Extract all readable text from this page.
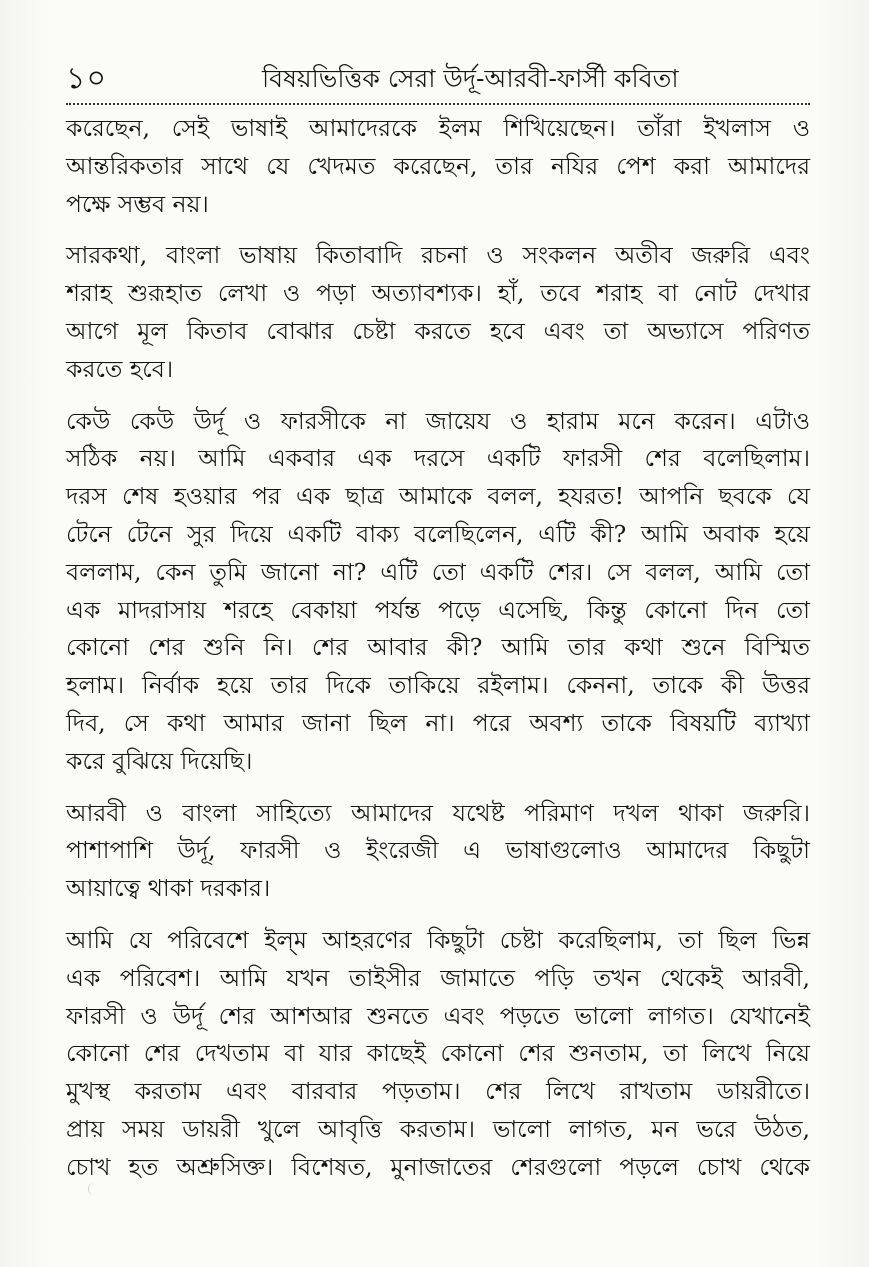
১০	বিষয়ভিত্তিক সেরা উর্দূ-আরবী-ফার্সী কবিতা

করেছেন, সেই ভাষাই আমাদেরকে ইলম শিখিয়েছেন। তাঁরা ইখলাস ও
আন্তরিকতার সাথে যে খেদমত করেছেন, তার নযির পেশ করা আমাদের
পক্ষে সম্ভব নয়।

সারকথা, বাংলা ভাষায় কিতাবাদি রচনা ও সংকলন অতীব জরুরি এবং
শরাহ শুরূহাত লেখা ও পড়া অত্যাবশ্যক। হাঁ, তবে শরাহ বা নোট দেখার
আগে মূল কিতাব বোঝার চেষ্টা করতে হবে এবং তা অভ্যাসে পরিণত
করতে হবে।

কেউ কেউ উর্দূ ও ফারসীকে না জায়েয ও হারাম মনে করেন। এটাও
সঠিক নয়। আমি একবার এক দরসে একটি ফারসী শের বলেছিলাম।
দরস শেষ হওয়ার পর এক ছাত্র আমাকে বলল, হযরত! আপনি ছবকে যে
টেনে টেনে সুর দিয়ে একটি বাক্য বলেছিলেন, এটি কী? আমি অবাক হয়ে
বললাম, কেন তুমি জানো না? এটি তো একটি শের। সে বলল, আমি তো
এক মাদরাসায় শরহে বেকায়া পর্যন্ত পড়ে এসেছি, কিন্তু কোনো দিন তো
কোনো শের শুনি নি। শের আবার কী? আমি তার কথা শুনে বিস্মিত
হলাম। নির্বাক হয়ে তার দিকে তাকিয়ে রইলাম। কেননা, তাকে কী উত্তর
দিব, সে কথা আমার জানা ছিল না। পরে অবশ্য তাকে বিষয়টি ব্যাখ্যা
করে বুঝিয়ে দিয়েছি।

আরবী ও বাংলা সাহিত্যে আমাদের যথেষ্ট পরিমাণ দখল থাকা জরুরি।
পাশাপাশি উর্দূ, ফারসী ও ইংরেজী এ ভাষাগুলোও আমাদের কিছুটা
আয়াত্বে থাকা দরকার।

আমি যে পরিবেশে ইল্‌ম আহরণের কিছুটা চেষ্টা করেছিলাম, তা ছিল ভিন্ন
এক পরিবেশ। আমি যখন তাইসীর জামাতে পড়ি তখন থেকেই আরবী,
ফারসী ও উর্দূ শের আশআর শুনতে এবং পড়তে ভালো লাগত। যেখানেই
কোনো শের দেখতাম বা যার কাছেই কোনো শের শুনতাম, তা লিখে নিয়ে
মুখস্থ করতাম এবং বারবার পড়তাম। শের লিখে রাখতাম ডায়রীতে।
প্রায় সময় ডায়রী খুলে আবৃত্তি করতাম। ভালো লাগত, মন ভরে উঠত,
চোখ হত অশ্রুসিক্ত। বিশেষত, মুনাজাতের শেরগুলো পড়লে চোখ থেকে
